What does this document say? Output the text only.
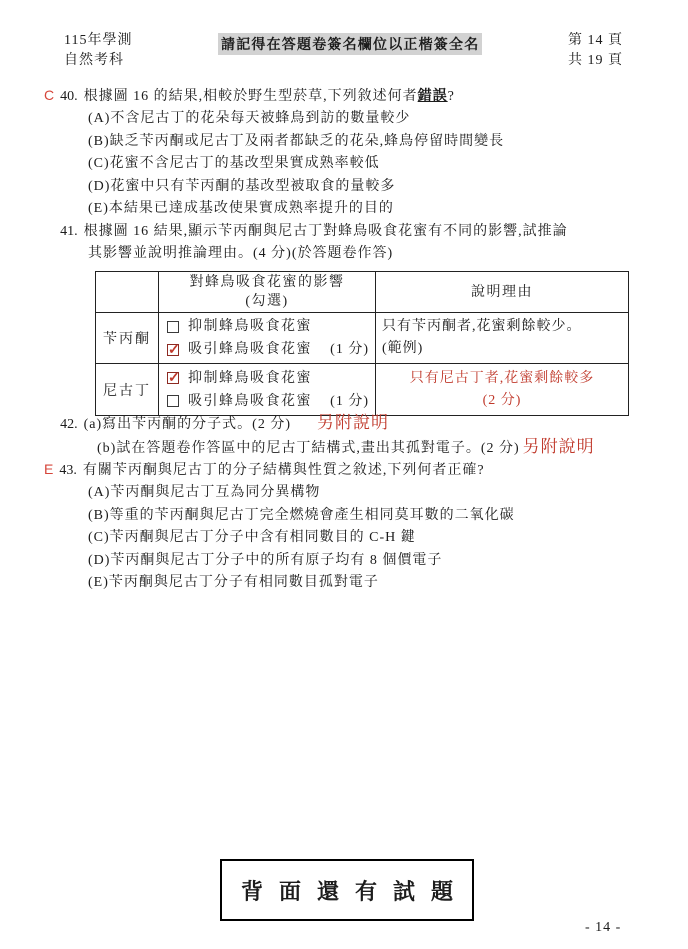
115年學測
自然考科
請記得在答題卷簽名欄位以正楷簽全名	第 14 頁
共 19 頁
C 40. 根據圖 16 的結果,相較於野生型菸草,下列敘述何者錯誤?
(A)不含尼古丁的花朵每天被蜂鳥到訪的數量較少
(B)缺乏苄丙酮或尼古丁及兩者都缺乏的花朵,蜂鳥停留時間變長
(C)花蜜不含尼古丁的基改型果實成熟率較低
(D)花蜜中只有苄丙酮的基改型被取食的量較多
(E)本結果已達成基改使果實成熟率提升的目的
41. 根據圖 16 結果,顯示苄丙酮與尼古丁對蜂鳥吸食花蜜有不同的影響,試推論
其影響並說明推論理由。(4 分)(於答題卷作答)
對蜂鳥吸食花蜜的影響
(勾選)
說明理由
苄丙酮
抑制蜂鳥吸食花蜜
✓ 吸引蜂鳥吸食花蜜 (1 分)
只有苄丙酮者,花蜜剩餘較少。
(範例)
尼古丁
✓ 抑制蜂鳥吸食花蜜
吸引蜂鳥吸食花蜜 (1 分)
只有尼古丁者,花蜜剩餘較多
(2 分)
42. (a)寫出苄丙酮的分子式。(2 分) 另附說明
(b)試在答題卷作答區中的尼古丁結構式,畫出其孤對電子。(2 分) 另附說明
E 43. 有關苄丙酮與尼古丁的分子結構與性質之敘述,下列何者正確?
(A)苄丙酮與尼古丁互為同分異構物
(B)等重的苄丙酮與尼古丁完全燃燒會產生相同莫耳數的二氧化碳
(C)苄丙酮與尼古丁分子中含有相同數目的 C-H 鍵
(D)苄丙酮與尼古丁分子中的所有原子均有 8 個價電子
(E)苄丙酮與尼古丁分子有相同數目孤對電子
背面還有試題
- 14 -
